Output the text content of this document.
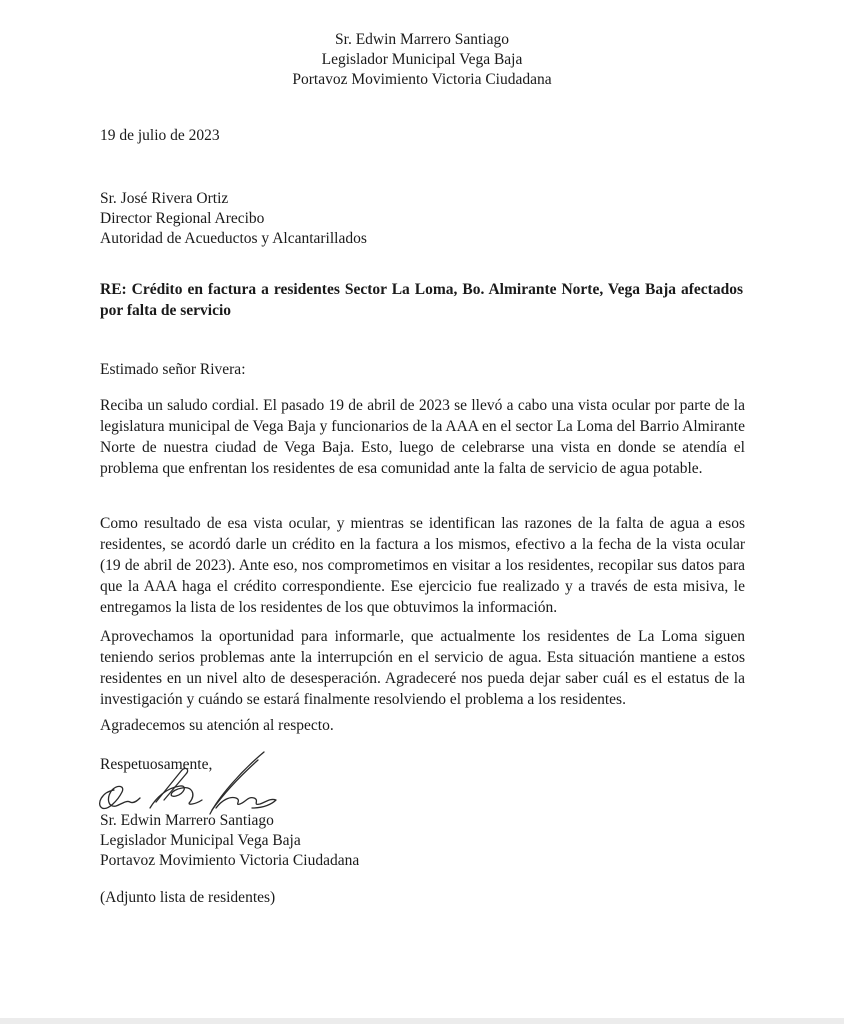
Sr. Edwin Marrero Santiago
Legislador Municipal Vega Baja
Portavoz Movimiento Victoria Ciudadana
19 de julio de 2023
Sr. José Rivera Ortiz
Director Regional Arecibo
Autoridad de Acueductos y Alcantarillados
RE: Crédito en factura a residentes Sector La Loma, Bo. Almirante Norte, Vega Baja afectados por falta de servicio
Estimado señor Rivera:
Reciba un saludo cordial. El pasado 19 de abril de 2023 se llevó a cabo una vista ocular por parte de la legislatura municipal de Vega Baja y funcionarios de la AAA en el sector La Loma del Barrio Almirante Norte de nuestra ciudad de Vega Baja. Esto, luego de celebrarse una vista en donde se atendía el problema que enfrentan los residentes de esa comunidad ante la falta de servicio de agua potable.
Como resultado de esa vista ocular, y mientras se identifican las razones de la falta de agua a esos residentes, se acordó darle un crédito en la factura a los mismos, efectivo a la fecha de la vista ocular (19 de abril de 2023). Ante eso, nos comprometimos en visitar a los residentes, recopilar sus datos para que la AAA haga el crédito correspondiente. Ese ejercicio fue realizado y a través de esta misiva, le entregamos la lista de los residentes de los que obtuvimos la información.
Aprovechamos la oportunidad para informarle, que actualmente los residentes de La Loma siguen teniendo serios problemas ante la interrupción en el servicio de agua. Esta situación mantiene a estos residentes en un nivel alto de desesperación. Agradeceré nos pueda dejar saber cuál es el estatus de la investigación y cuándo se estará finalmente resolviendo el problema a los residentes.
Agradecemos su atención al respecto.
Respetuosamente,
Sr. Edwin Marrero Santiago
Legislador Municipal Vega Baja
Portavoz Movimiento Victoria Ciudadana
(Adjunto lista de residentes)
